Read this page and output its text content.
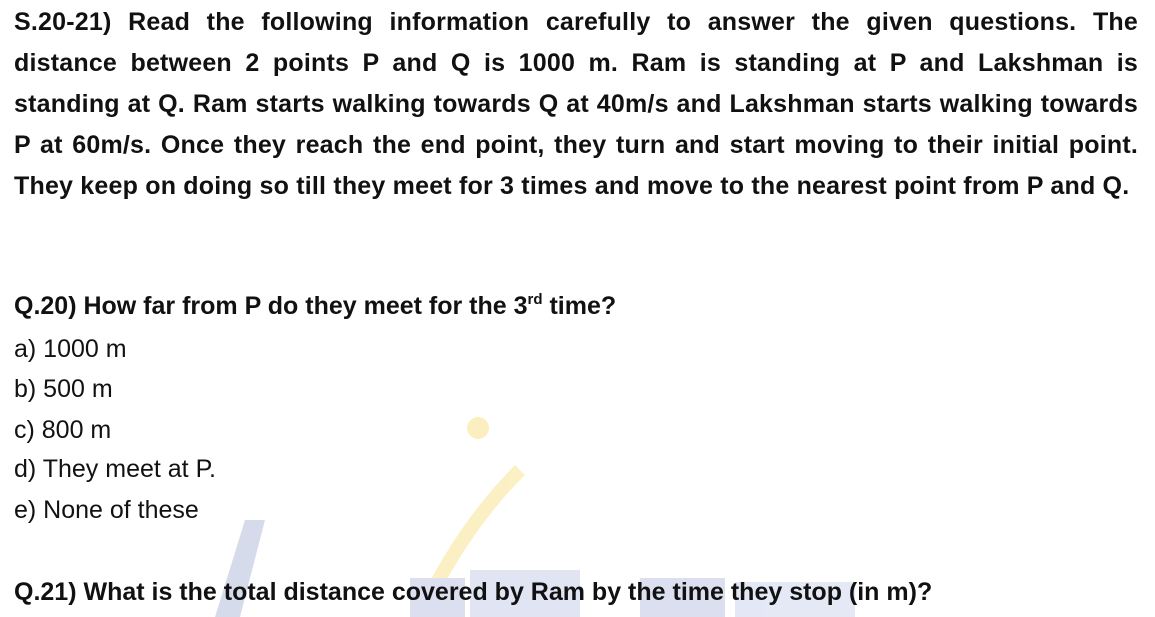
S.20-21) Read the following information carefully to answer the given questions. The distance between 2 points P and Q is 1000 m. Ram is standing at P and Lakshman is standing at Q. Ram starts walking towards Q at 40m/s and Lakshman starts walking towards P at 60m/s. Once they reach the end point, they turn and start moving to their initial point. They keep on doing so till they meet for 3 times and move to the nearest point from P and Q.
Q.20) How far from P do they meet for the 3rd time?
a) 1000 m
b) 500 m
c) 800 m
d) They meet at P.
e) None of these
Q.21) What is the total distance covered by Ram by the time they stop (in m)?
